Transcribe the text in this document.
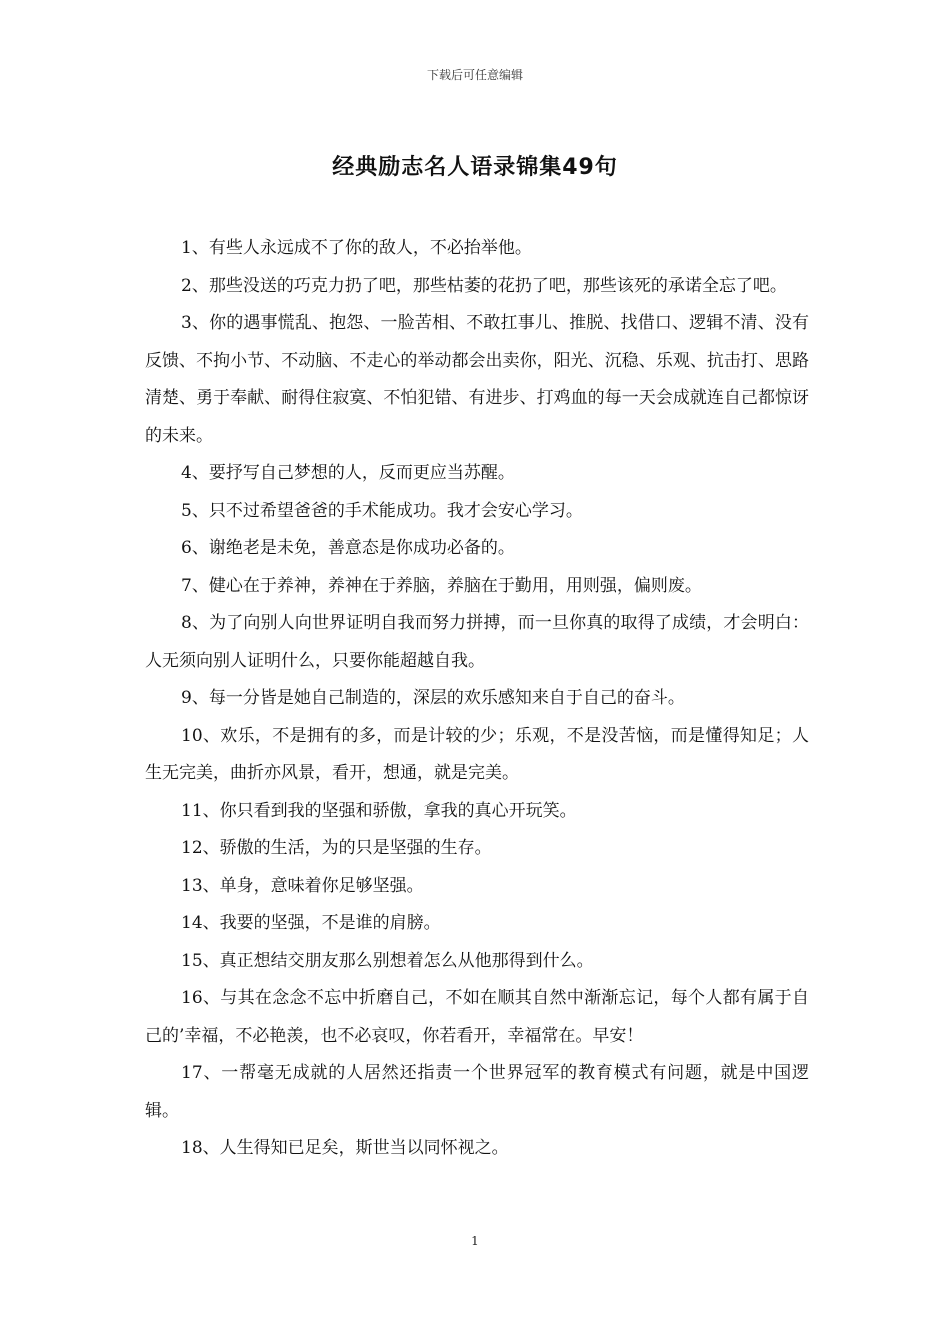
下载后可任意编辑
经典励志名人语录锦集49句

1、有些人永远成不了你的敌人，不必抬举他。

2、那些没送的巧克力扔了吧，那些枯萎的花扔了吧，那些该死的承诺全忘了吧。

3、你的遇事慌乱、抱怨、一脸苦相、不敢扛事儿、推脱、找借口、逻辑不清、没有反馈、不拘小节、不动脑、不走心的举动都会出卖你，阳光、沉稳、乐观、抗击打、思路清楚、勇于奉献、耐得住寂寞、不怕犯错、有进步、打鸡血的每一天会成就连自己都惊讶的未来。

4、要抒写自己梦想的人，反而更应当苏醒。

5、只不过希望爸爸的手术能成功。我才会安心学习。

6、谢绝老是未免，善意态是你成功必备的。

7、健心在于养神，养神在于养脑，养脑在于勤用，用则强，偏则废。

8、为了向别人向世界证明自我而努力拼搏，而一旦你真的取得了成绩，才会明白：人无须向别人证明什么，只要你能超越自我。

9、每一分皆是她自己制造的，深层的欢乐感知来自于自己的奋斗。

10、欢乐，不是拥有的多，而是计较的少；乐观，不是没苦恼，而是懂得知足；人生无完美，曲折亦风景，看开，想通，就是完美。

11、你只看到我的坚强和骄傲，拿我的真心开玩笑。

12、骄傲的生活，为的只是坚强的生存。

13、单身，意味着你足够坚强。

14、我要的坚强，不是谁的肩膀。

15、真正想结交朋友那么别想着怎么从他那得到什么。

16、与其在念念不忘中折磨自己，不如在顺其自然中渐渐忘记，每个人都有属于自己的’幸福，不必艳羡，也不必哀叹，你若看开，幸福常在。早安！

17、一帮毫无成就的人居然还指责一个世界冠军的教育模式有问题，就是中国逻辑。

18、人生得知已足矣，斯世当以同怀视之。

1
